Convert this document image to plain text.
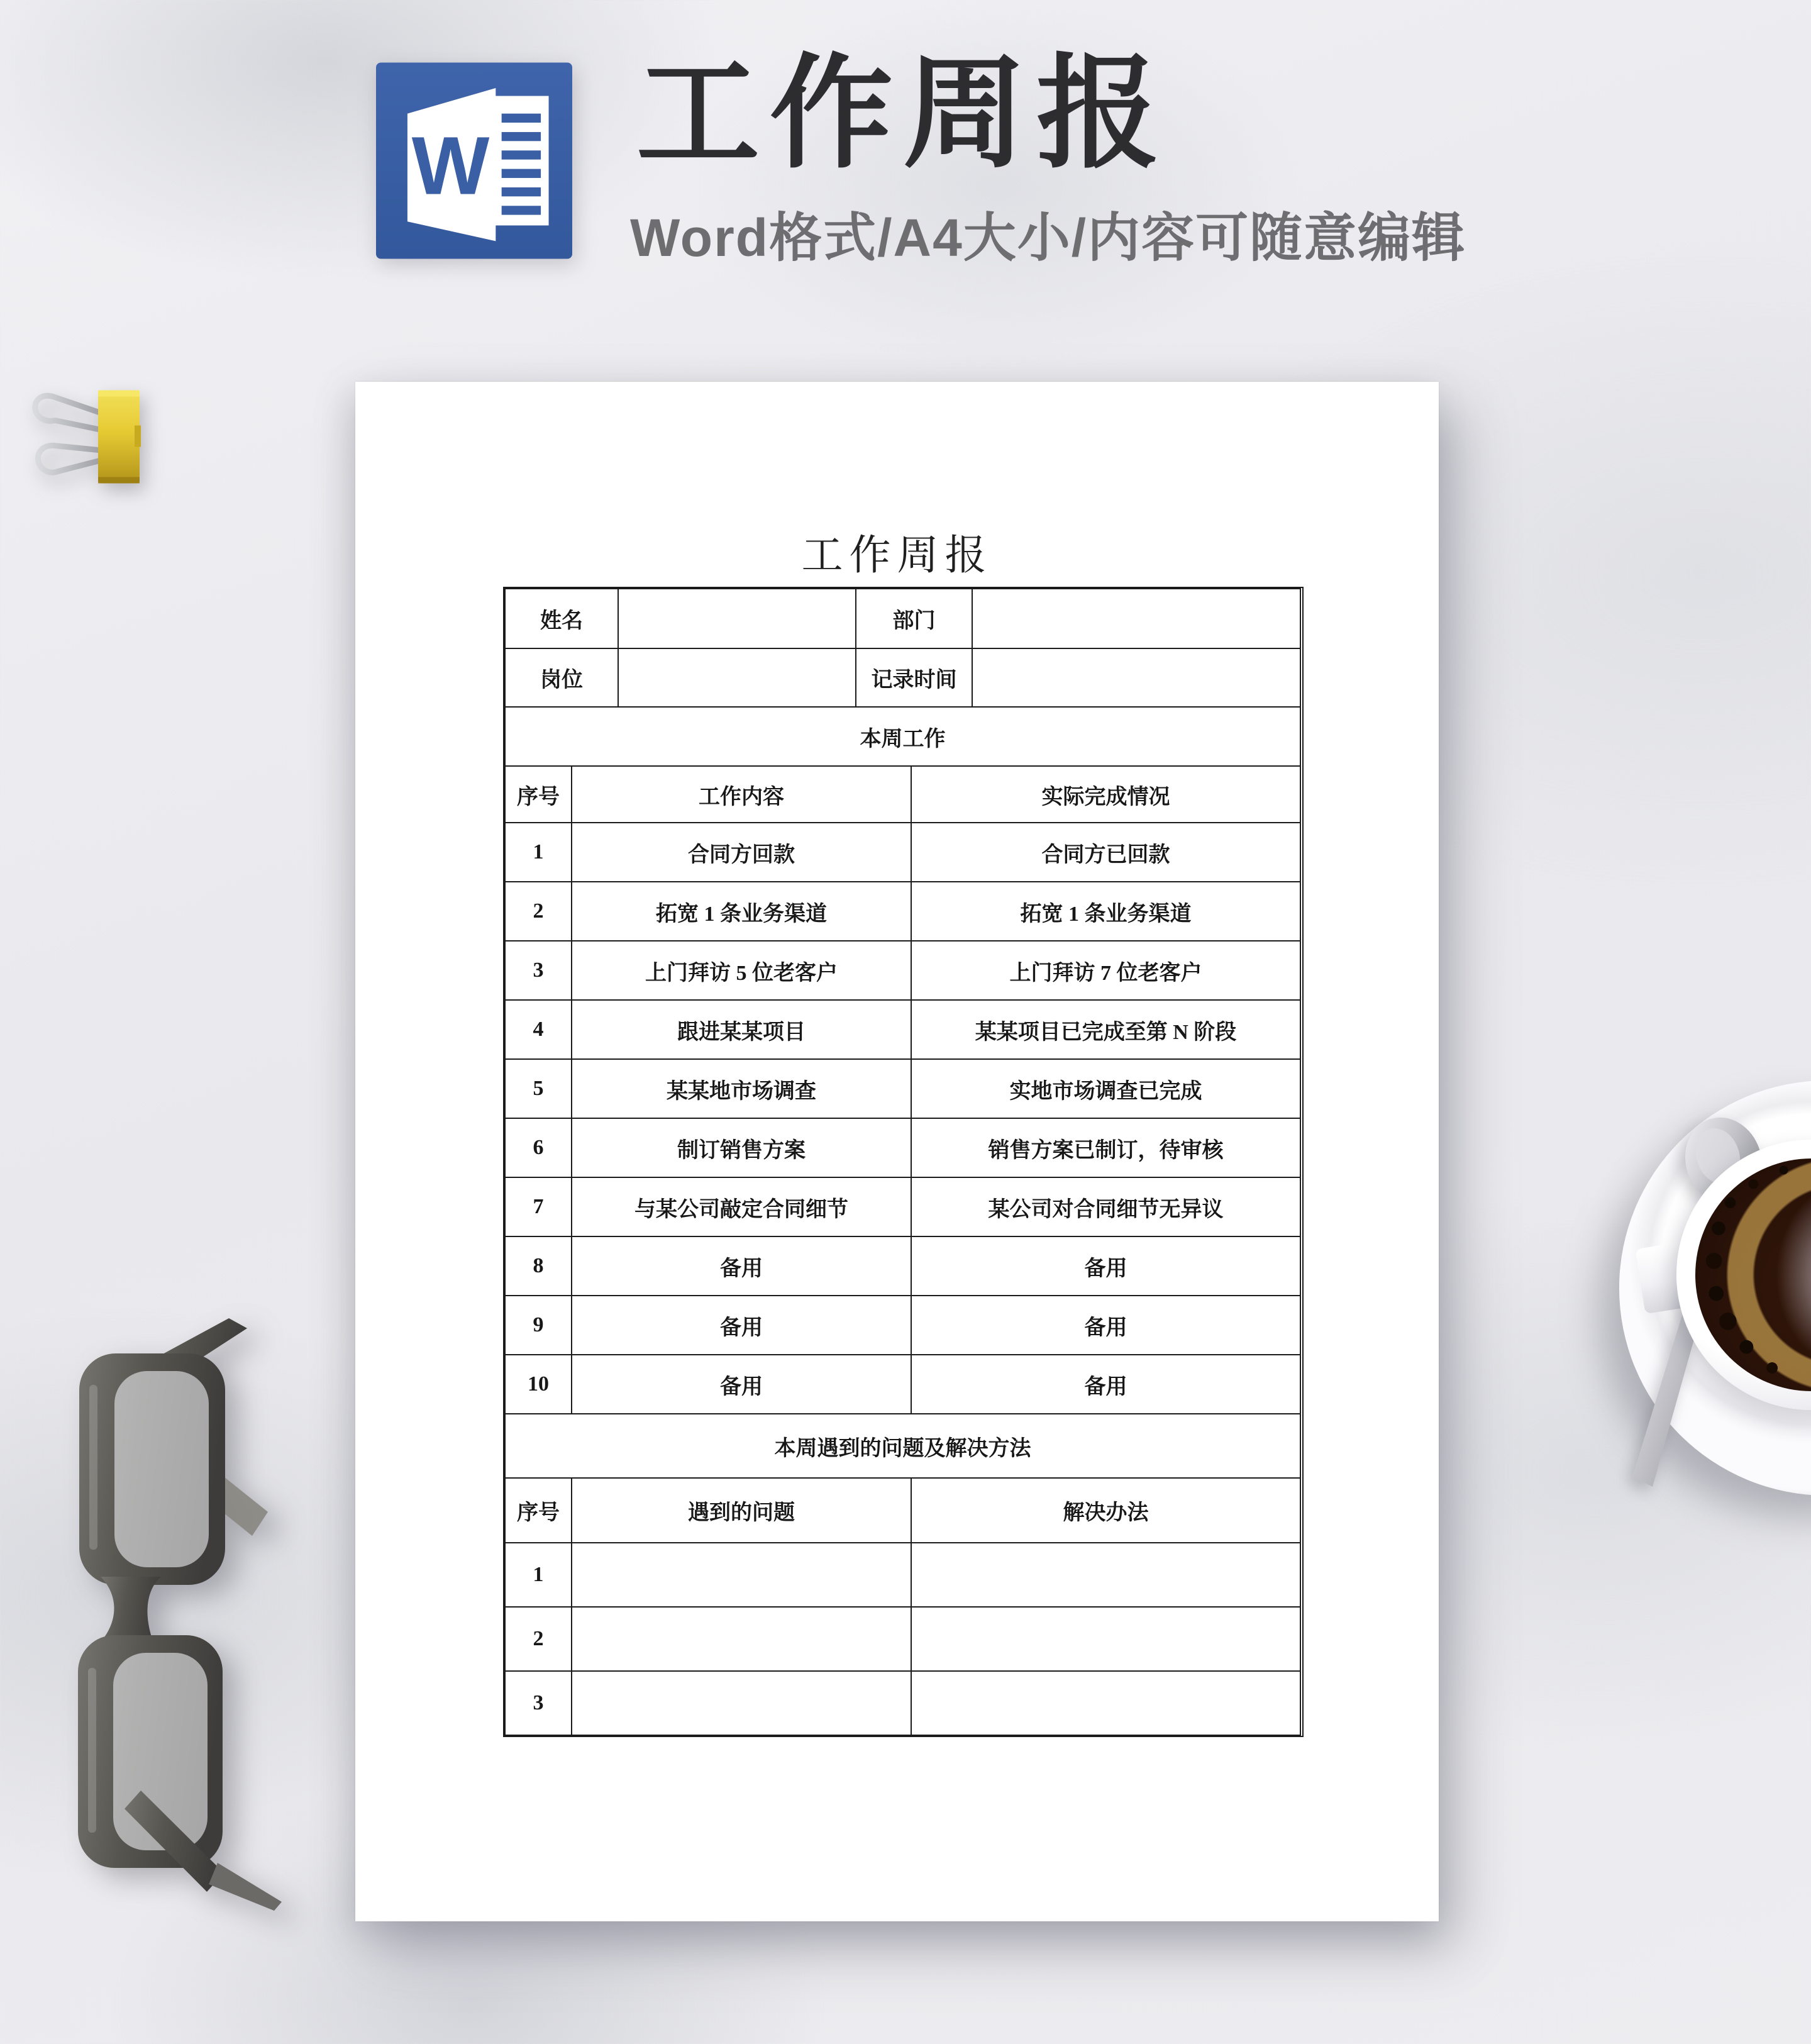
W 工作周报
Word格式/A4大小/内容可随意编辑
工作周报
姓名		部门	
岗位		记录时间	
本周工作		
序号	工作内容	实际完成情况
1	合同方回款	合同方已回款
2	拓宽 1 条业务渠道	拓宽 1 条业务渠道
3	上门拜访 5 位老客户	上门拜访 7 位老客户
4	跟进某某项目	某某项目已完成至第 N 阶段
5	某某地市场调查	实地市场调查已完成
6	制订销售方案	销售方案已制订，待审核
7	与某公司敲定合同细节	某公司对合同细节无异议
8	备用	备用
9	备用	备用
10	备用	备用
本周遇到的问题及解决方法		
序号	遇到的问题	解决办法
1		
2		
3		
